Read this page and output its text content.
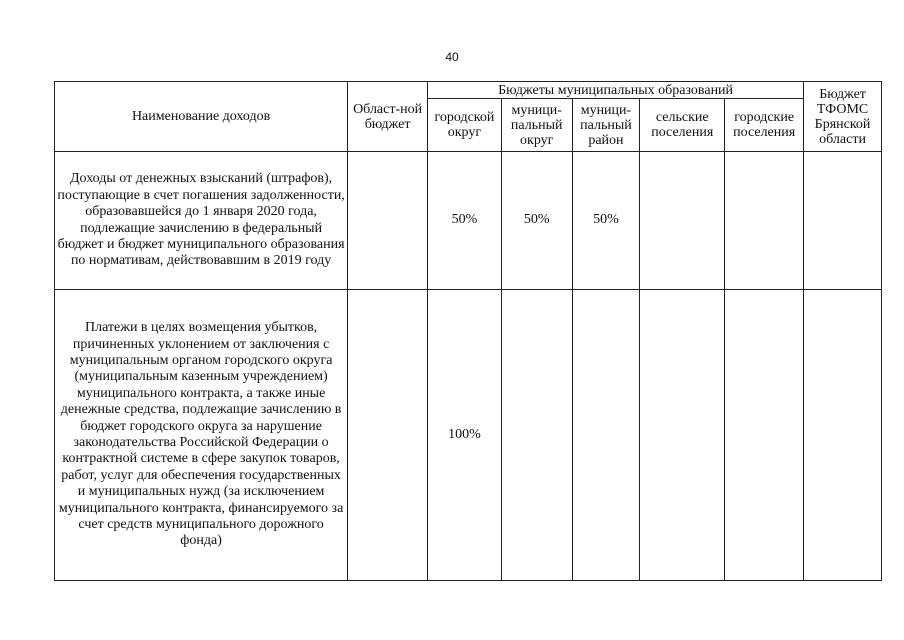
40
Наименование доходов	Област-ной бюджет	Бюджеты муниципальных образований					Бюджет ТФОМС Брянской области
		городской округ	муници-пальный округ	муници-пальный район	сельские поселения	городские поселения	
Доходы от денежных взысканий (штрафов), поступающие в счет погашения задолженности, образовавшейся до 1 января 2020 года, подлежащие зачислению в федеральный бюджет и бюджет муниципального образования по нормативам, действовавшим в 2019 году		50%	50%	50%			
Платежи в целях возмещения убытков, причиненных уклонением от заключения с муниципальным органом городского округа (муниципальным казенным учреждением) муниципального контракта, а также иные денежные средства, подлежащие зачислению в бюджет городского округа за нарушение законодательства Российской Федерации о контрактной системе в сфере закупок товаров, работ, услуг для обеспечения государственных и муниципальных нужд (за исключением муниципального контракта, финансируемого за счет средств муниципального дорожного фонда)		100%					
